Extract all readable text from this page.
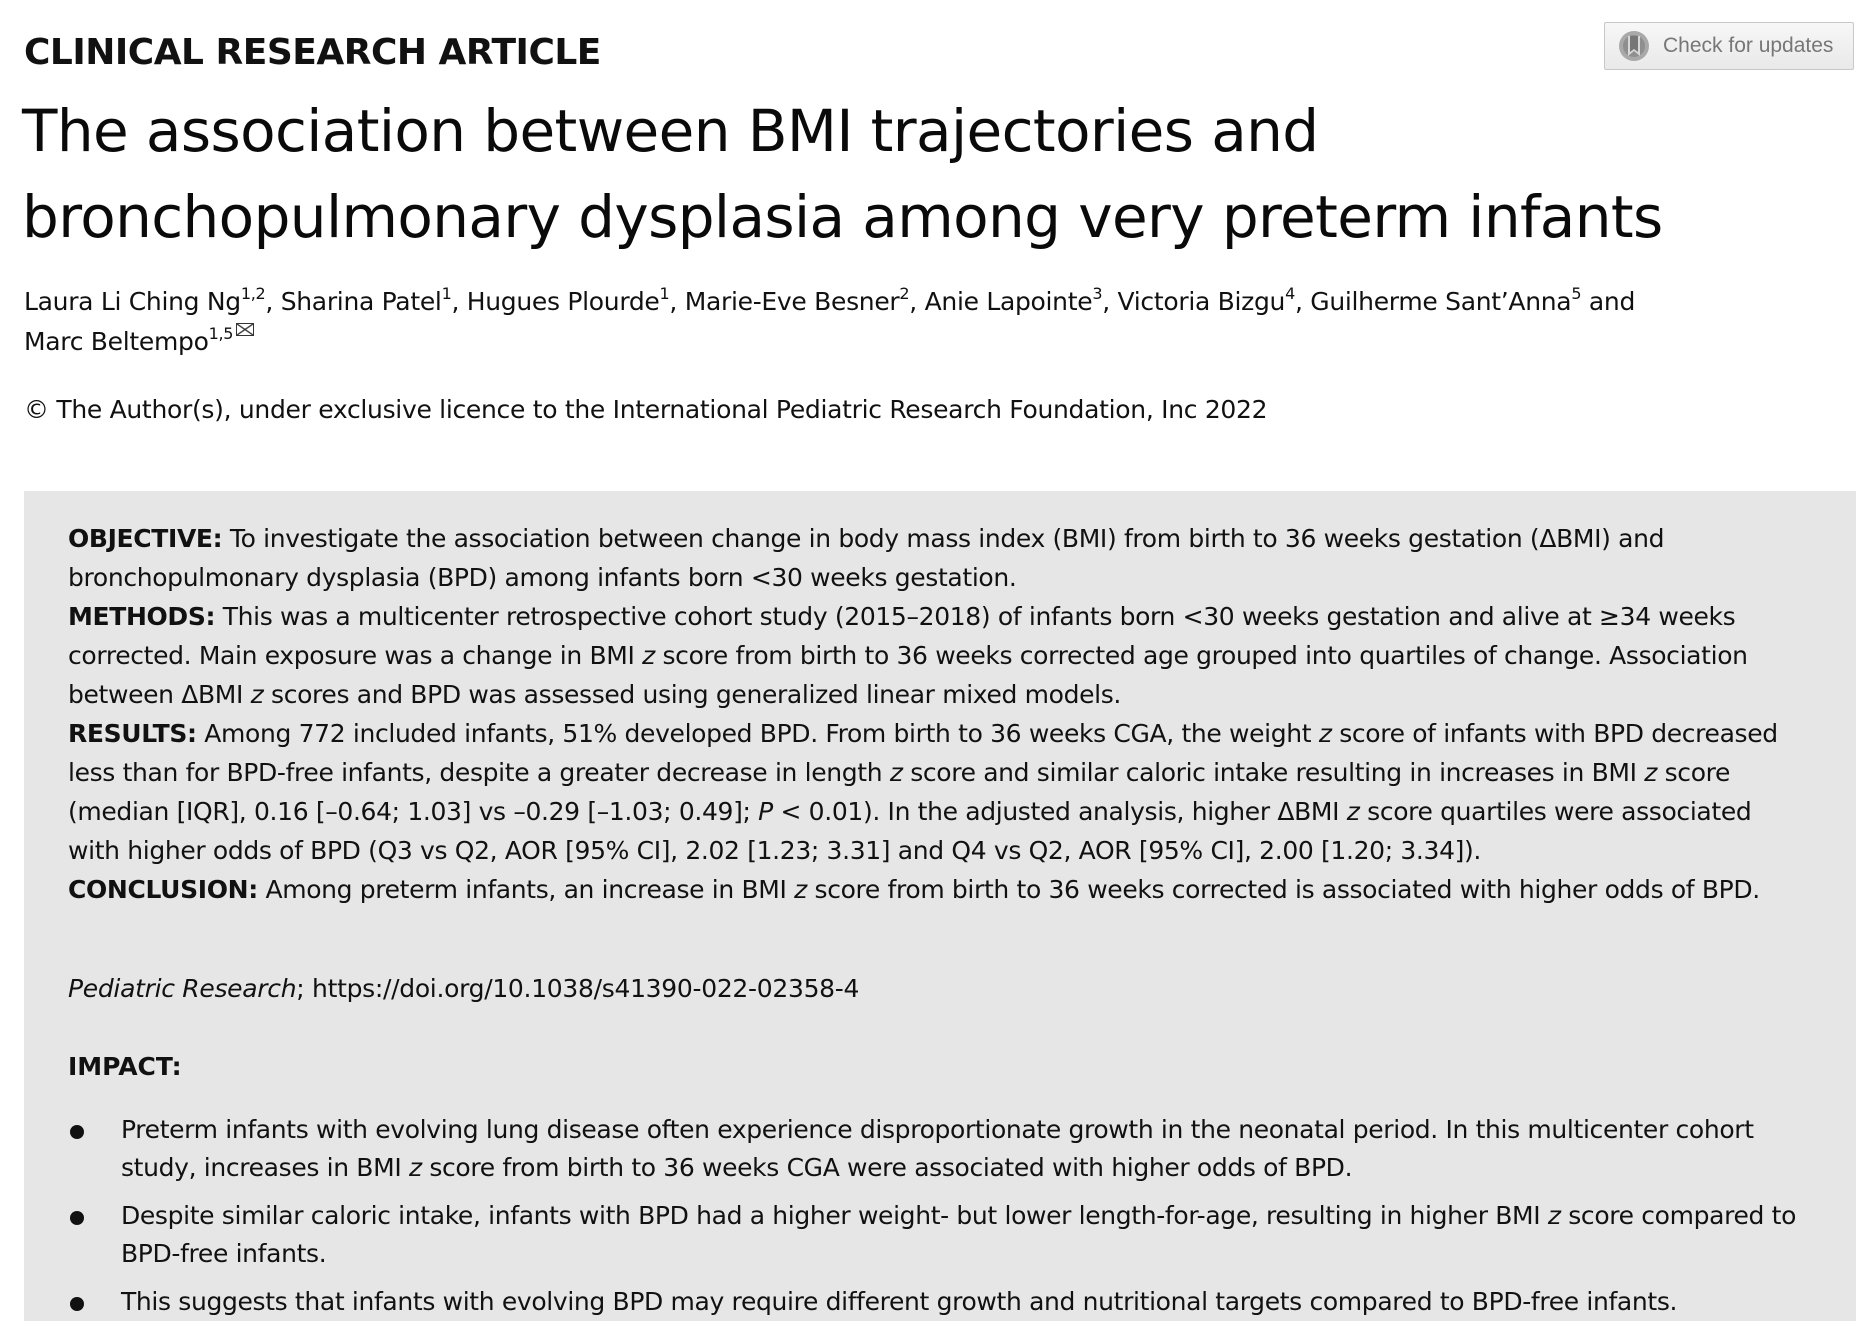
Check for updates
CLINICAL RESEARCH ARTICLE
The association between BMI trajectories and
bronchopulmonary dysplasia among very preterm infants
Laura Li Ching Ng$^{1,2}$, Sharina Patel$^1$, Hugues Plourde$^1$, Marie-Eve Besner$^2$, Anie Lapointe$^3$, Victoria Bizgu$^4$, Guilherme Sant’Anna$^5$ and
Marc Beltempo$^{1,5}$
© The Author(s), under exclusive licence to the International Pediatric Research Foundation, Inc 2022

OBJECTIVE: To investigate the association between change in body mass index (BMI) from birth to 36 weeks gestation (ΔBMI) and bronchopulmonary dysplasia (BPD) among infants born <30 weeks gestation.

METHODS: This was a multicenter retrospective cohort study (2015–2018) of infants born <30 weeks gestation and alive at ≥34 weeks corrected. Main exposure was a change in BMI z score from birth to 36 weeks corrected age grouped into quartiles of change. Association between ΔBMI z scores and BPD was assessed using generalized linear mixed models.

RESULTS: Among 772 included infants, 51% developed BPD. From birth to 36 weeks CGA, the weight z score of infants with BPD decreased less than for BPD-free infants, despite a greater decrease in length z score and similar caloric intake resulting in increases in BMI z score (median [IQR], 0.16 [–0.64; 1.03] vs –0.29 [–1.03; 0.49]; P < 0.01). In the adjusted analysis, higher ΔBMI z score quartiles were associated with higher odds of BPD (Q3 vs Q2, AOR [95% CI], 2.02 [1.23; 3.31] and Q4 vs Q2, AOR [95% CI], 2.00 [1.20; 3.34]).

CONCLUSION: Among preterm infants, an increase in BMI z score from birth to 36 weeks corrected is associated with higher odds of BPD.

Pediatric Research; https://doi.org/10.1038/s41390-022-02358-4
IMPACT:
Preterm infants with evolving lung disease often experience disproportionate growth in the neonatal period. In this multicenter cohort study, increases in BMI z score from birth to 36 weeks CGA were associated with higher odds of BPD.
Despite similar caloric intake, infants with BPD had a higher weight- but lower length-for-age, resulting in higher BMI z score compared to BPD-free infants.
This suggests that infants with evolving BPD may require different growth and nutritional targets compared to BPD-free infants.
